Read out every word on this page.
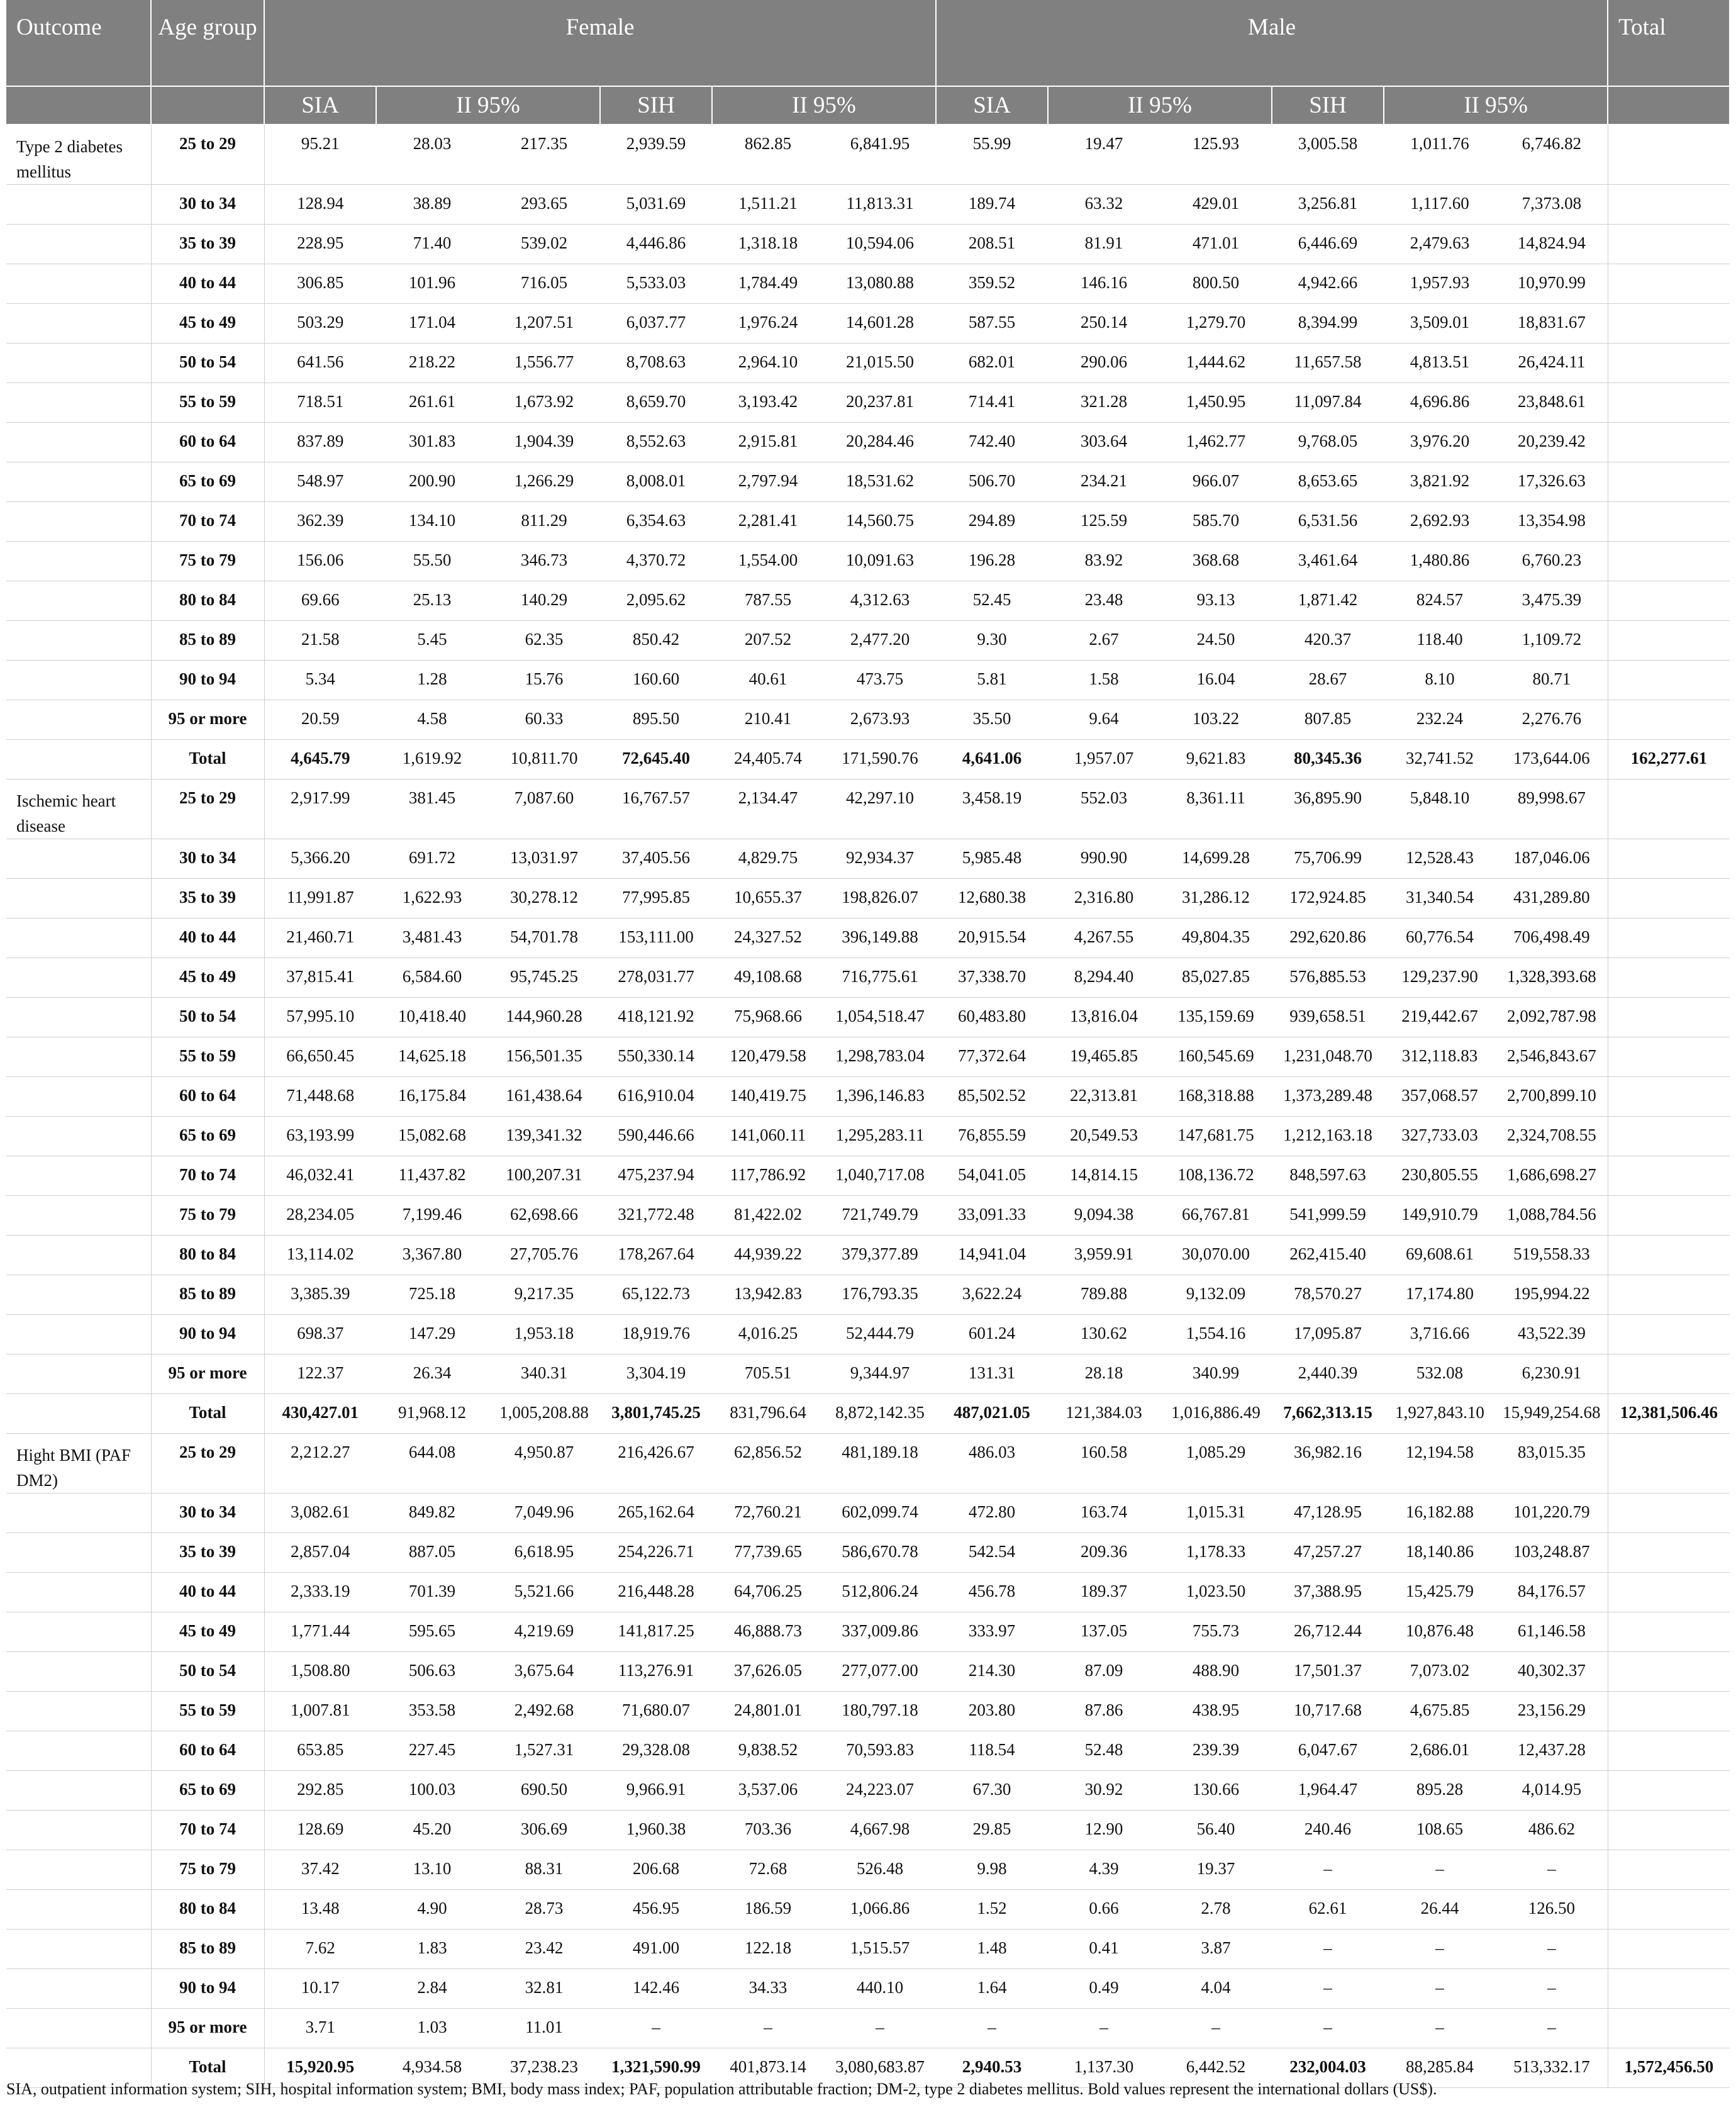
Outcome	Age group	Female						Male						Total
		SIA	II 95%		SIH	II 95%		SIA	II 95%		SIH	II 95%		
Type 2 diabetes mellitus	25 to 29	95.21	28.03	217.35	2,939.59	862.85	6,841.95	55.99	19.47	125.93	3,005.58	1,011.76	6,746.82	
	30 to 34	128.94	38.89	293.65	5,031.69	1,511.21	11,813.31	189.74	63.32	429.01	3,256.81	1,117.60	7,373.08	
	35 to 39	228.95	71.40	539.02	4,446.86	1,318.18	10,594.06	208.51	81.91	471.01	6,446.69	2,479.63	14,824.94	
	40 to 44	306.85	101.96	716.05	5,533.03	1,784.49	13,080.88	359.52	146.16	800.50	4,942.66	1,957.93	10,970.99	
	45 to 49	503.29	171.04	1,207.51	6,037.77	1,976.24	14,601.28	587.55	250.14	1,279.70	8,394.99	3,509.01	18,831.67	
	50 to 54	641.56	218.22	1,556.77	8,708.63	2,964.10	21,015.50	682.01	290.06	1,444.62	11,657.58	4,813.51	26,424.11	
	55 to 59	718.51	261.61	1,673.92	8,659.70	3,193.42	20,237.81	714.41	321.28	1,450.95	11,097.84	4,696.86	23,848.61	
	60 to 64	837.89	301.83	1,904.39	8,552.63	2,915.81	20,284.46	742.40	303.64	1,462.77	9,768.05	3,976.20	20,239.42	
	65 to 69	548.97	200.90	1,266.29	8,008.01	2,797.94	18,531.62	506.70	234.21	966.07	8,653.65	3,821.92	17,326.63	
	70 to 74	362.39	134.10	811.29	6,354.63	2,281.41	14,560.75	294.89	125.59	585.70	6,531.56	2,692.93	13,354.98	
	75 to 79	156.06	55.50	346.73	4,370.72	1,554.00	10,091.63	196.28	83.92	368.68	3,461.64	1,480.86	6,760.23	
	80 to 84	69.66	25.13	140.29	2,095.62	787.55	4,312.63	52.45	23.48	93.13	1,871.42	824.57	3,475.39	
	85 to 89	21.58	5.45	62.35	850.42	207.52	2,477.20	9.30	2.67	24.50	420.37	118.40	1,109.72	
	90 to 94	5.34	1.28	15.76	160.60	40.61	473.75	5.81	1.58	16.04	28.67	8.10	80.71	
	95 or more	20.59	4.58	60.33	895.50	210.41	2,673.93	35.50	9.64	103.22	807.85	232.24	2,276.76	
	Total	4,645.79	1,619.92	10,811.70	72,645.40	24,405.74	171,590.76	4,641.06	1,957.07	9,621.83	80,345.36	32,741.52	173,644.06	162,277.61
Ischemic heart disease	25 to 29	2,917.99	381.45	7,087.60	16,767.57	2,134.47	42,297.10	3,458.19	552.03	8,361.11	36,895.90	5,848.10	89,998.67	
	30 to 34	5,366.20	691.72	13,031.97	37,405.56	4,829.75	92,934.37	5,985.48	990.90	14,699.28	75,706.99	12,528.43	187,046.06	
	35 to 39	11,991.87	1,622.93	30,278.12	77,995.85	10,655.37	198,826.07	12,680.38	2,316.80	31,286.12	172,924.85	31,340.54	431,289.80	
	40 to 44	21,460.71	3,481.43	54,701.78	153,111.00	24,327.52	396,149.88	20,915.54	4,267.55	49,804.35	292,620.86	60,776.54	706,498.49	
	45 to 49	37,815.41	6,584.60	95,745.25	278,031.77	49,108.68	716,775.61	37,338.70	8,294.40	85,027.85	576,885.53	129,237.90	1,328,393.68	
	50 to 54	57,995.10	10,418.40	144,960.28	418,121.92	75,968.66	1,054,518.47	60,483.80	13,816.04	135,159.69	939,658.51	219,442.67	2,092,787.98	
	55 to 59	66,650.45	14,625.18	156,501.35	550,330.14	120,479.58	1,298,783.04	77,372.64	19,465.85	160,545.69	1,231,048.70	312,118.83	2,546,843.67	
	60 to 64	71,448.68	16,175.84	161,438.64	616,910.04	140,419.75	1,396,146.83	85,502.52	22,313.81	168,318.88	1,373,289.48	357,068.57	2,700,899.10	
	65 to 69	63,193.99	15,082.68	139,341.32	590,446.66	141,060.11	1,295,283.11	76,855.59	20,549.53	147,681.75	1,212,163.18	327,733.03	2,324,708.55	
	70 to 74	46,032.41	11,437.82	100,207.31	475,237.94	117,786.92	1,040,717.08	54,041.05	14,814.15	108,136.72	848,597.63	230,805.55	1,686,698.27	
	75 to 79	28,234.05	7,199.46	62,698.66	321,772.48	81,422.02	721,749.79	33,091.33	9,094.38	66,767.81	541,999.59	149,910.79	1,088,784.56	
	80 to 84	13,114.02	3,367.80	27,705.76	178,267.64	44,939.22	379,377.89	14,941.04	3,959.91	30,070.00	262,415.40	69,608.61	519,558.33	
	85 to 89	3,385.39	725.18	9,217.35	65,122.73	13,942.83	176,793.35	3,622.24	789.88	9,132.09	78,570.27	17,174.80	195,994.22	
	90 to 94	698.37	147.29	1,953.18	18,919.76	4,016.25	52,444.79	601.24	130.62	1,554.16	17,095.87	3,716.66	43,522.39	
	95 or more	122.37	26.34	340.31	3,304.19	705.51	9,344.97	131.31	28.18	340.99	2,440.39	532.08	6,230.91	
	Total	430,427.01	91,968.12	1,005,208.88	3,801,745.25	831,796.64	8,872,142.35	487,021.05	121,384.03	1,016,886.49	7,662,313.15	1,927,843.10	15,949,254.68	12,381,506.46
Hight BMI (PAF DM2)	25 to 29	2,212.27	644.08	4,950.87	216,426.67	62,856.52	481,189.18	486.03	160.58	1,085.29	36,982.16	12,194.58	83,015.35	
	30 to 34	3,082.61	849.82	7,049.96	265,162.64	72,760.21	602,099.74	472.80	163.74	1,015.31	47,128.95	16,182.88	101,220.79	
	35 to 39	2,857.04	887.05	6,618.95	254,226.71	77,739.65	586,670.78	542.54	209.36	1,178.33	47,257.27	18,140.86	103,248.87	
	40 to 44	2,333.19	701.39	5,521.66	216,448.28	64,706.25	512,806.24	456.78	189.37	1,023.50	37,388.95	15,425.79	84,176.57	
	45 to 49	1,771.44	595.65	4,219.69	141,817.25	46,888.73	337,009.86	333.97	137.05	755.73	26,712.44	10,876.48	61,146.58	
	50 to 54	1,508.80	506.63	3,675.64	113,276.91	37,626.05	277,077.00	214.30	87.09	488.90	17,501.37	7,073.02	40,302.37	
	55 to 59	1,007.81	353.58	2,492.68	71,680.07	24,801.01	180,797.18	203.80	87.86	438.95	10,717.68	4,675.85	23,156.29	
	60 to 64	653.85	227.45	1,527.31	29,328.08	9,838.52	70,593.83	118.54	52.48	239.39	6,047.67	2,686.01	12,437.28	
	65 to 69	292.85	100.03	690.50	9,966.91	3,537.06	24,223.07	67.30	30.92	130.66	1,964.47	895.28	4,014.95	
	70 to 74	128.69	45.20	306.69	1,960.38	703.36	4,667.98	29.85	12.90	56.40	240.46	108.65	486.62	
	75 to 79	37.42	13.10	88.31	206.68	72.68	526.48	9.98	4.39	19.37	–	–	–	
	80 to 84	13.48	4.90	28.73	456.95	186.59	1,066.86	1.52	0.66	2.78	62.61	26.44	126.50	
	85 to 89	7.62	1.83	23.42	491.00	122.18	1,515.57	1.48	0.41	3.87	–	–	–	
	90 to 94	10.17	2.84	32.81	142.46	34.33	440.10	1.64	0.49	4.04	–	–	–	
	95 or more	3.71	1.03	11.01	–	–	–	–	–	–	–	–	–	
	Total	15,920.95	4,934.58	37,238.23	1,321,590.99	401,873.14	3,080,683.87	2,940.53	1,137.30	6,442.52	232,004.03	88,285.84	513,332.17	1,572,456.50
SIA, outpatient information system; SIH, hospital information system; BMI, body mass index; PAF, population attributable fraction; DM-2, type 2 diabetes mellitus. Bold values represent the international dollars (US$).
